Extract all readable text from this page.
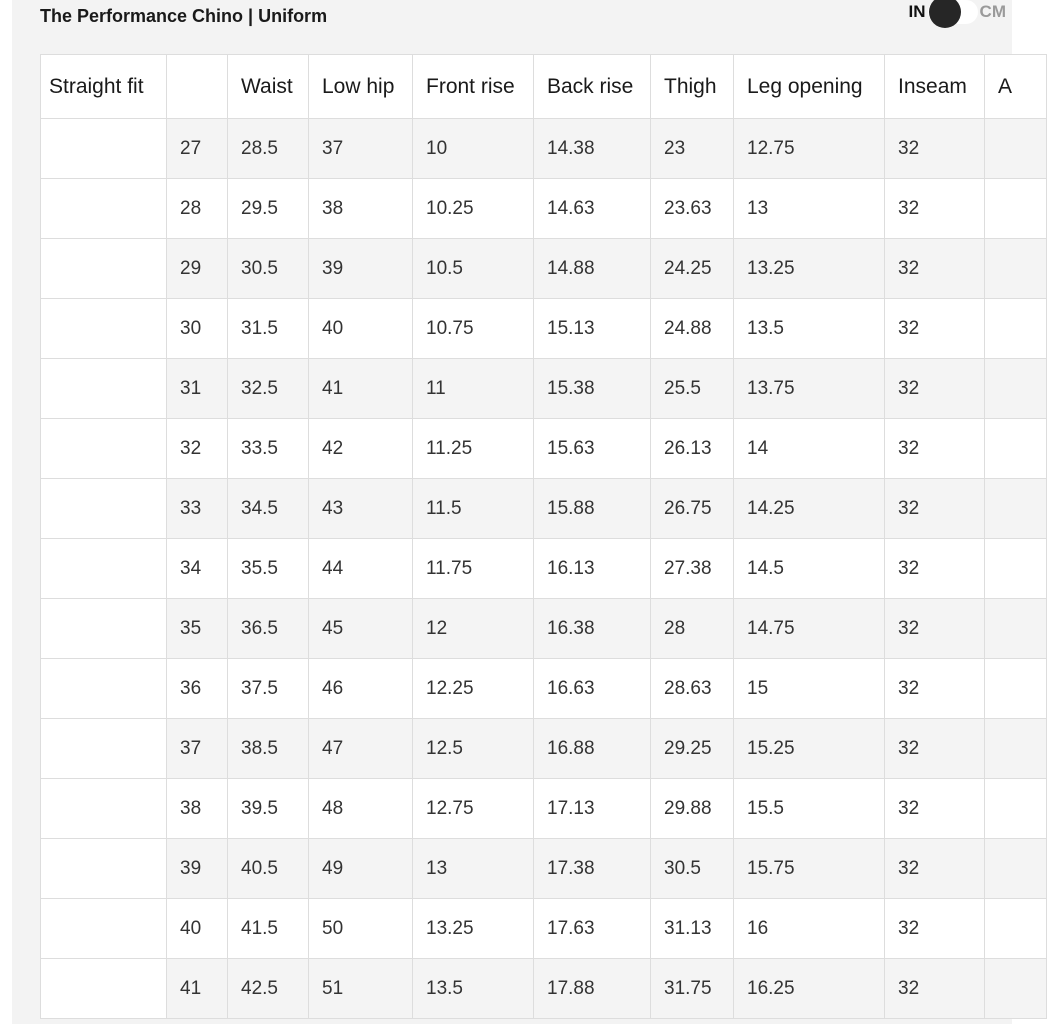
The Performance Chino | Uniform	IN	CM
Straight fit		Waist	Low hip	Front rise	Back rise	Thigh	Leg opening	Inseam	A
	27	28.5	37	10	14.38	23	12.75	32	
	28	29.5	38	10.25	14.63	23.63	13	32	
	29	30.5	39	10.5	14.88	24.25	13.25	32	
	30	31.5	40	10.75	15.13	24.88	13.5	32	
	31	32.5	41	11	15.38	25.5	13.75	32	
	32	33.5	42	11.25	15.63	26.13	14	32	
	33	34.5	43	11.5	15.88	26.75	14.25	32	
	34	35.5	44	11.75	16.13	27.38	14.5	32	
	35	36.5	45	12	16.38	28	14.75	32	
	36	37.5	46	12.25	16.63	28.63	15	32	
	37	38.5	47	12.5	16.88	29.25	15.25	32	
	38	39.5	48	12.75	17.13	29.88	15.5	32	
	39	40.5	49	13	17.38	30.5	15.75	32	
	40	41.5	50	13.25	17.63	31.13	16	32	
	41	42.5	51	13.5	17.88	31.75	16.25	32	
